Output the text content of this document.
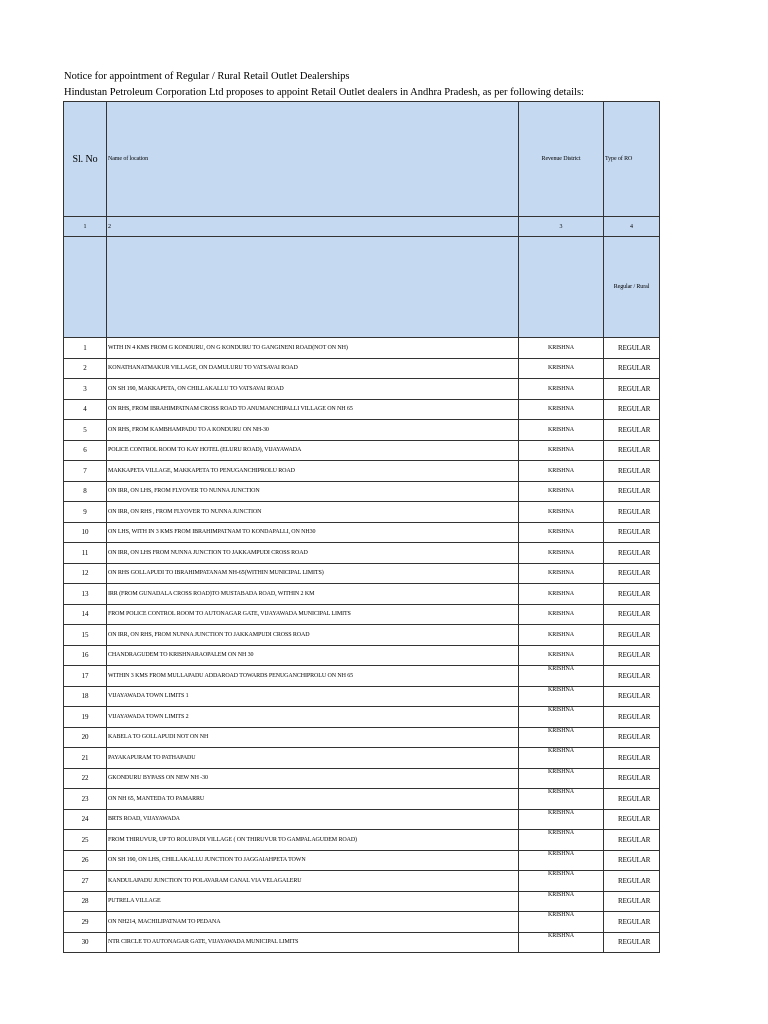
Notice for appointment of Regular / Rural Retail Outlet Dealerships
Hindustan Petroleum Corporation Ltd proposes to appoint Retail Outlet dealers in Andhra Pradesh, as per following details:
Sl. No	Name of location	Revenue District	Type of RO
1	2	3	4
			Regular / Rural
1	WITH IN 4 KMS FROM G KONDURU, ON G KONDURU TO GANGINENI ROAD(NOT ON NH)	KRISHNA	REGULAR
2	KONATHANATMAKUR VILLAGE, ON DAMULURU TO VATSAVAI ROAD	KRISHNA	REGULAR
3	ON SH 190, MAKKAPETA, ON CHILLAKALLU TO VATSAVAI ROAD	KRISHNA	REGULAR
4	ON RHS, FROM IBRAHIMPATNAM CROSS ROAD TO ANUMANCHIPALLI VILLAGE ON NH 65	KRISHNA	REGULAR
5	ON RHS, FROM KAMBHAMPADU TO A KONDURU ON NH-30	KRISHNA	REGULAR
6	POLICE CONTROL ROOM TO KAY HOTEL (ELURU ROAD), VIJAYAWADA	KRISHNA	REGULAR
7	MAKKAPETA VILLAGE, MAKKAPETA TO PENUGANCHIPROLU ROAD	KRISHNA	REGULAR
8	ON IRR, ON LHS, FROM FLYOVER TO NUNNA JUNCTION	KRISHNA	REGULAR
9	ON IRR, ON RHS , FROM FLYOVER TO NUNNA JUNCTION	KRISHNA	REGULAR
10	ON LHS, WITH IN 3 KMS FROM IBRAHIMPATNAM TO KONDAPALLI, ON NH30	KRISHNA	REGULAR
11	ON IRR, ON LHS FROM NUNNA JUNCTION TO JAKKAMPUDI CROSS ROAD	KRISHNA	REGULAR
12	ON RHS GOLLAPUDI TO IBRAHIMPATANAM NH-65(WITHIN MUNICIPAL LIMITS)	KRISHNA	REGULAR
13	IRR (FROM GUNADALA CROSS ROAD)TO MUSTABADA ROAD, WITHIN 2 KM	KRISHNA	REGULAR
14	FROM POLICE CONTROL ROOM TO AUTONAGAR GATE, VIJAYAWADA MUNICIPAL LIMITS	KRISHNA	REGULAR
15	ON IRR, ON RHS, FROM NUNNA JUNCTION TO JAKKAMPUDI CROSS ROAD	KRISHNA	REGULAR
16	CHANDRAGUDEM TO KRISHNARAOPALEM ON NH 30	KRISHNA	REGULAR
17	WITHIN 3 KMS FROM MULLAPADU ADDAROAD TOWARDS PENUGANCHIPROLU ON NH 65	KRISHNA	REGULAR
18	VIJAYAWADA TOWN LIMITS 1	KRISHNA	REGULAR
19	VIJAYAWADA TOWN LIMITS 2	KRISHNA	REGULAR
20	KABELA TO GOLLAPUDI NOT ON NH	KRISHNA	REGULAR
21	PAYAKAPURAM TO PATHAPADU	KRISHNA	REGULAR
22	GKONDURU BYPASS ON NEW NH -30	KRISHNA	REGULAR
23	ON NH 65, MANTEDA TO PAMARRU	KRISHNA	REGULAR
24	BRTS ROAD, VIJAYAWADA	KRISHNA	REGULAR
25	FROM THIRUVUR, UP TO ROLUPADI VILLAGE ( ON THIRUVUR TO GAMPALAGUDEM ROAD)	KRISHNA	REGULAR
26	ON SH 190, ON LHS, CHILLAKALLU JUNCTION TO JAGGAIAHPETA TOWN	KRISHNA	REGULAR
27	KANDULAPADU JUNCTION TO POLAVARAM CANAL VIA VELAGALERU	KRISHNA	REGULAR
28	PUTRELA VILLAGE	KRISHNA	REGULAR
29	ON NH214, MACHILIPATNAM TO PEDANA	KRISHNA	REGULAR
30	NTR CIRCLE TO AUTONAGAR GATE, VIJAYAWADA MUNICIPAL LIMITS	KRISHNA	REGULAR
